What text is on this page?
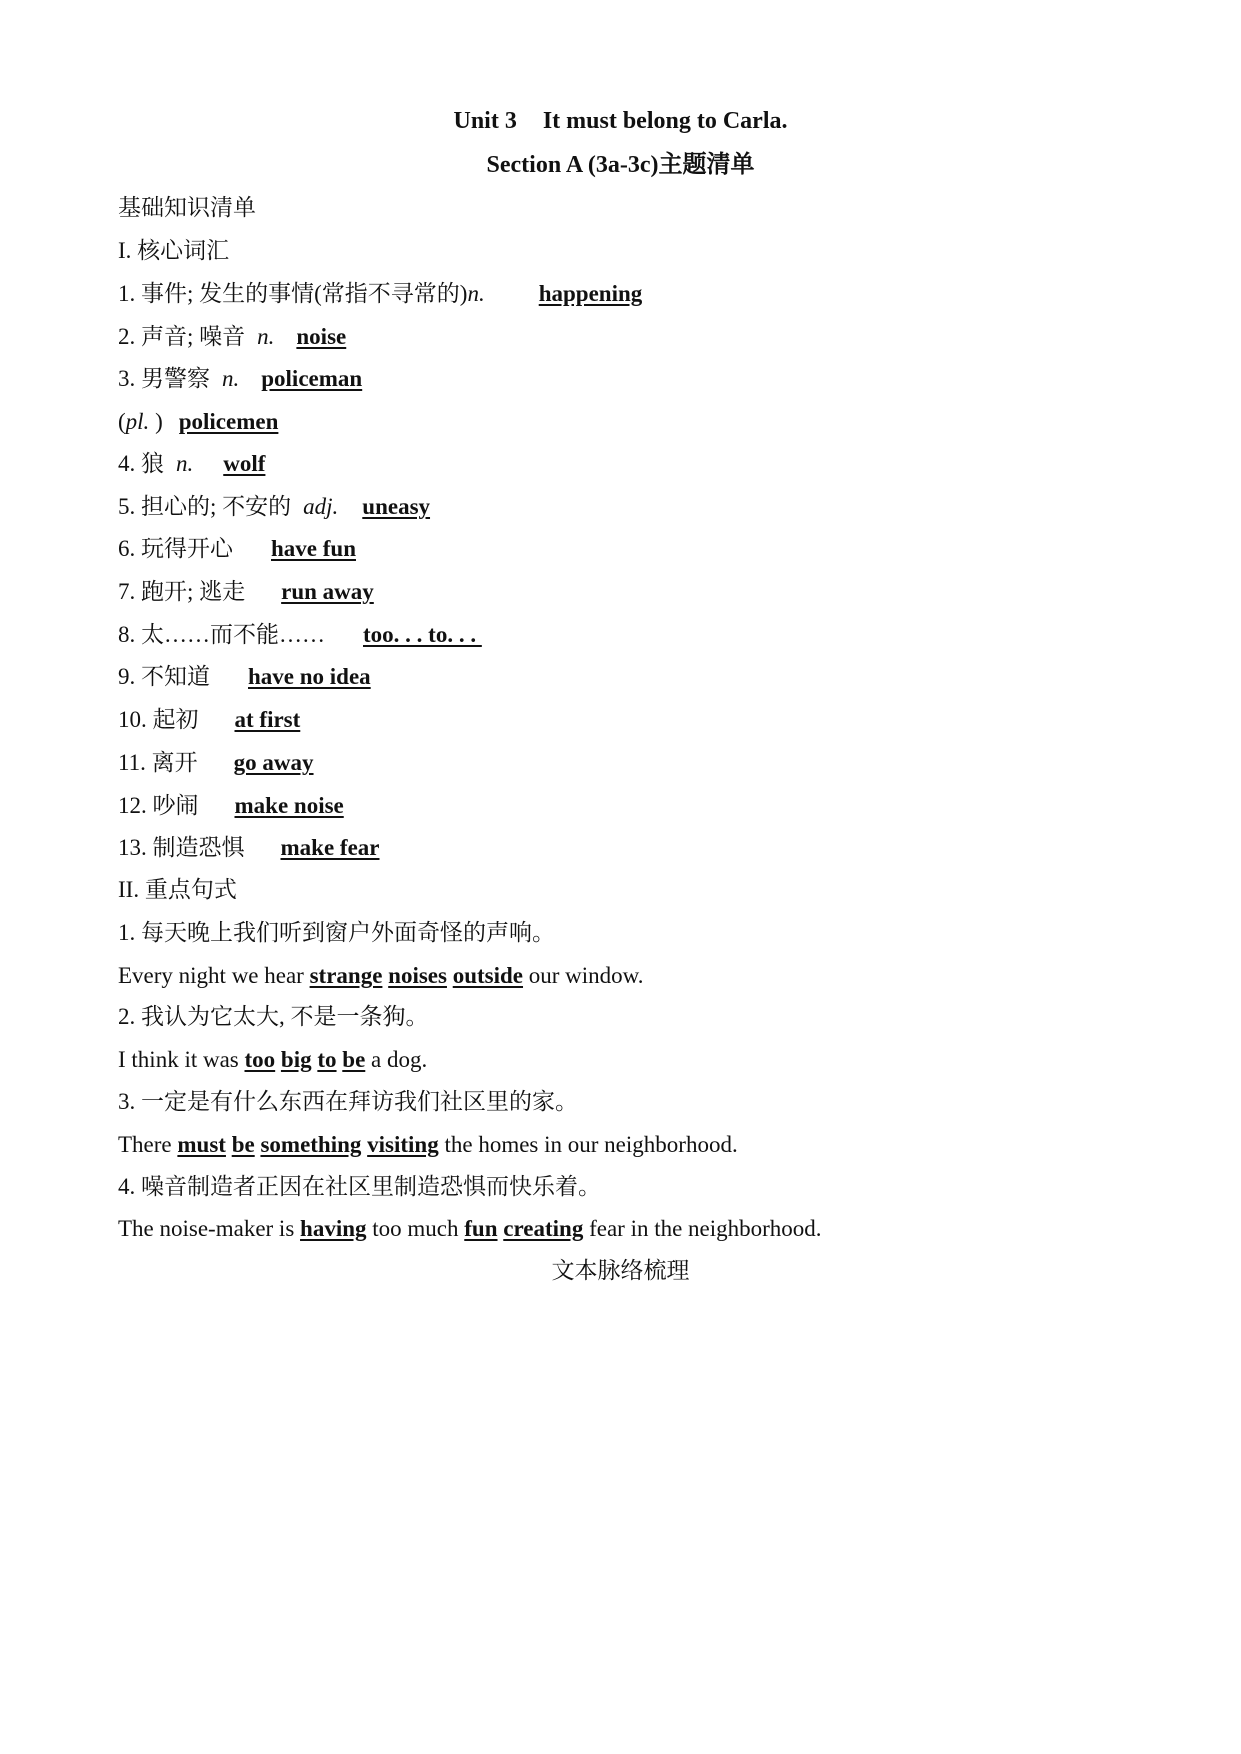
Unit 3 It must belong to Carla.
Section A (3a-3c)主题清单
基础知识清单
I. 核心词汇
1. 事件; 发生的事情(常指不寻常的)n. happening
2. 声音; 噪音 n. noise
3. 男警察 n. policeman
(pl. ) policemen
4. 狼 n. wolf
5. 担心的; 不安的 adj. uneasy
6. 玩得开心 have fun
7. 跑开; 逃走 run away
8. 太……而不能…… too. . . to. . .
9. 不知道 have no idea
10. 起初 at first
11. 离开 go away
12. 吵闹 make noise
13. 制造恐惧 make fear
II. 重点句式
1. 每天晚上我们听到窗户外面奇怪的声响。
Every night we hear strange noises outside our window.
2. 我认为它太大, 不是一条狗。
I think it was too big to be a dog.
3. 一定是有什么东西在拜访我们社区里的家。
There must be something visiting the homes in our neighborhood.
4. 噪音制造者正因在社区里制造恐惧而快乐着。
The noise-maker is having too much fun creating fear in the neighborhood.
文本脉络梳理
